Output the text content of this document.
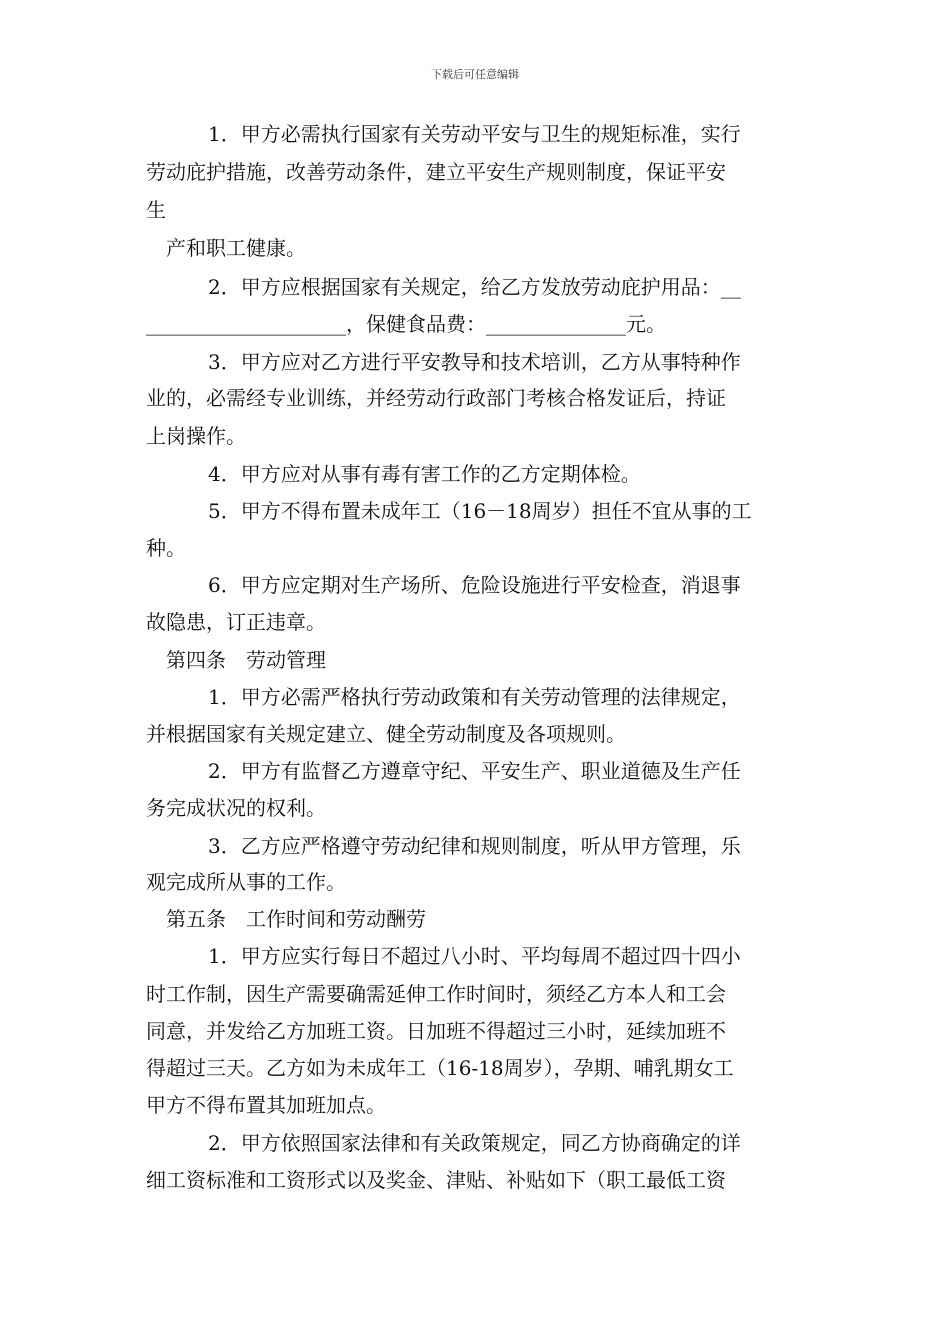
下载后可任意编辑
1．甲方必需执行国家有关劳动平安与卫生的规矩标准，实行
劳动庇护措施，改善劳动条件，建立平安生产规则制度，保证平安
生
产和职工健康。
2．甲方应根据国家有关规定，给乙方发放劳动庇护用品：__
____________________，保健食品费：______________元。
3．甲方应对乙方进行平安教导和技术培训，乙方从事特种作
业的，必需经专业训练，并经劳动行政部门考核合格发证后，持证
上岗操作。
4．甲方应对从事有毒有害工作的乙方定期体检。
5．甲方不得布置未成年工（16－18周岁）担任不宜从事的工
种。
6．甲方应定期对生产场所、危险设施进行平安检查，消退事
故隐患，订正违章。
第四条　劳动管理
1．甲方必需严格执行劳动政策和有关劳动管理的法律规定，
并根据国家有关规定建立、健全劳动制度及各项规则。
2．甲方有监督乙方遵章守纪、平安生产、职业道德及生产任
务完成状况的权利。
3．乙方应严格遵守劳动纪律和规则制度，听从甲方管理，乐
观完成所从事的工作。
第五条　工作时间和劳动酬劳
1．甲方应实行每日不超过八小时、平均每周不超过四十四小
时工作制，因生产需要确需延伸工作时间时，须经乙方本人和工会
同意，并发给乙方加班工资。日加班不得超过三小时，延续加班不
得超过三天。乙方如为未成年工（16-18周岁），孕期、哺乳期女工
甲方不得布置其加班加点。
2．甲方依照国家法律和有关政策规定，同乙方协商确定的详
细工资标准和工资形式以及奖金、津贴、补贴如下（职工最低工资
